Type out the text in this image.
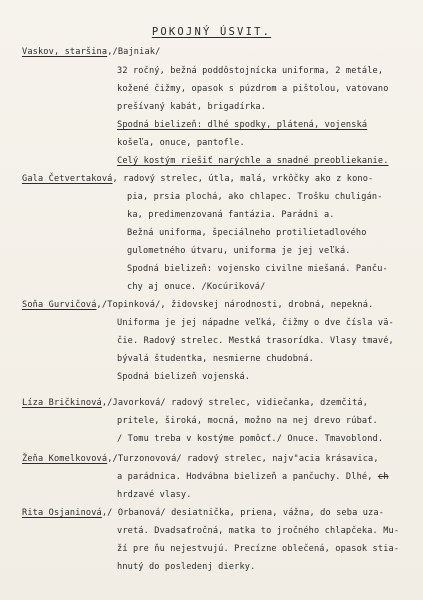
POKOJNÝ ÚSVIT.
Vaskov, staršina,/Bajniak/
32 ročný, bežná poddôstojnícka uniforma, 2 metále,
kožené čižmy, opasok s púzdrom a pištolou, vatovano
prešívaný kabát, brigadírka.
Spodná bielizeň: dlhé spodky, plátená, vojenská
košeľa, onuce, pantofle.
Celý kostým riešiť narýchle a snadné preobliekanie.
Gala Četvertaková, radový strelec, útla, malá, vrkôčky ako z kono-
pia, prsia plochá, ako chlapec. Trošku chuligán-
ka, predimenzovaná fantázia. Parádni a.
Bežná uniforma, špeciálneho protilietadlového
gulometného útvaru, uniforma je jej veľká.
Spodná bielizeň: vojensko civilne miešaná. Panču-
chy aj onuce. /Kocúriková/
Soňa Gurvičová,/Topinková/, židovskej národnosti, drobná, nepekná.
Uniforma je jej nápadne veľká, čižmy o dve čísla vä-
čie. Radový strelec. Mestká trasorídka. Vlasy tmavé,
bývalá študentka, nesmierne chudobná.
Spodná bielizeň vojenská.
Líza Bričkinová,/Javorková/ radový strelec, vidiečanka, dzemčitá,
pritele, široká, mocná, možno na nej drevo rúbať.
/ Tomu treba v kostýme pomôcť./ Onuce. Tmavoblond.
Žeňa Komelkovová,/Turzonovová/ radový strelec, najv"acia krásavica,
a parádnica. Hodvábna bielizeň a pančuchy. Dlhé, ch
hrdzavé vlasy.
Rita Osjaninová,/ Orbanová/ desiatnička, priena, vážna, do seba uza-
vretá. Dvadsaťročná, matka to jročného chlapčeka. Mu-
ží pre ňu nejestvujú. Precízne oblečená, opasok stia-
hnutý do posledenj dierky.
